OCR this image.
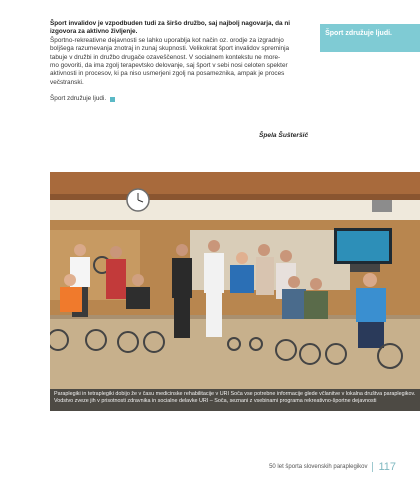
Šport invalidov je vzpodbuden tudi za širšo družbo, saj najbolj nagovarja, da ni izgovora za aktivno življenje.

Športno-rekreativne dejavnosti se lahko uporablja kot način oz. orodje za izgradnjo

boljšega razumevanja znotraj in zunaj skupnosti. Velikokrat šport invalidov spreminja

tabuje v družbi in družbo drugače ozaveščenost. V socialnem kontekstu ne more-

mo govoriti, da ima zgolj terapevtsko delovanje, saj šport v sebi nosi celoten spekter

aktivnosti in procesov, ki pa niso usmerjeni zgolj na posameznika, ampak je proces

večstranski.

Šport združuje ljudi.
Šport združuje ljudi.
Špela Šušteršič
Paraplegiki in tetraplegiki dobijo že v času medicinske rehabilitacije v URI Soča vse potrebne informacije glede včlanitve v lokalna društva paraplegikov. Vodstvo zveze jih v prisotnosti zdravnika in socialne delavke URI – Soča, seznani z vsebinami programa rekreativno-športne dejavnosti
50 let športa slovenskih paraplegikov 117
